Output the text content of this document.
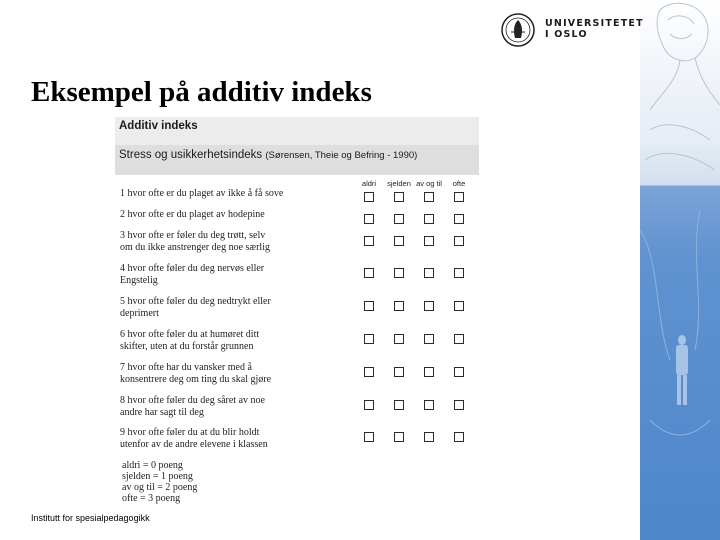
UNIVERSITETET
I OSLO
Eksempel på additiv indeks
Additiv indeks
Stress og usikkerhetsindeks (Sørensen, Theie og Befring - 1990)
aldri	sjelden av og til	ofte
1 hvor ofte er du plaget av ikke å få sove
2 hvor ofte er du plaget av hodepine
3 hvor ofte er føler du deg trøtt, selv
om du ikke anstrenger deg noe særlig
4 hvor ofte føler du deg nervøs eller
Engstelig
5 hvor ofte føler du deg nedtrykt eller
deprimert
6 hvor ofte føler du at humøret ditt
skifter, uten at du forstår grunnen
7 hvor ofte har du vansker med å
konsentrere deg om ting du skal gjøre
8 hvor ofte føler du deg såret av noe
andre har sagt til deg
9 hvor ofte føler du at du blir holdt
utenfor av de andre elevene i klassen
aldri = 0 poeng
sjelden = 1 poeng
av og til = 2 poeng
ofte = 3 poeng
Institutt for spesialpedagogikk
